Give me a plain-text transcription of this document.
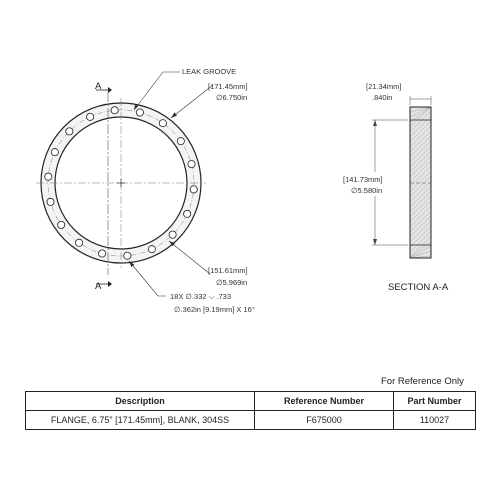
A
A
LEAK GROOVE
[171.45mm]
∅6.750in
[151.61mm]
∅5.969in
18X ∅.332 ⌵ .733
∅.362in [9.19mm] X 16°
[21.34mm]
.840in
[141.73mm]
∅5.580in
SECTION A-A
For Reference Only
Description	Reference Number	Part Number
FLANGE, 6.75" [171.45mm], BLANK, 304SS	F675000	110027
